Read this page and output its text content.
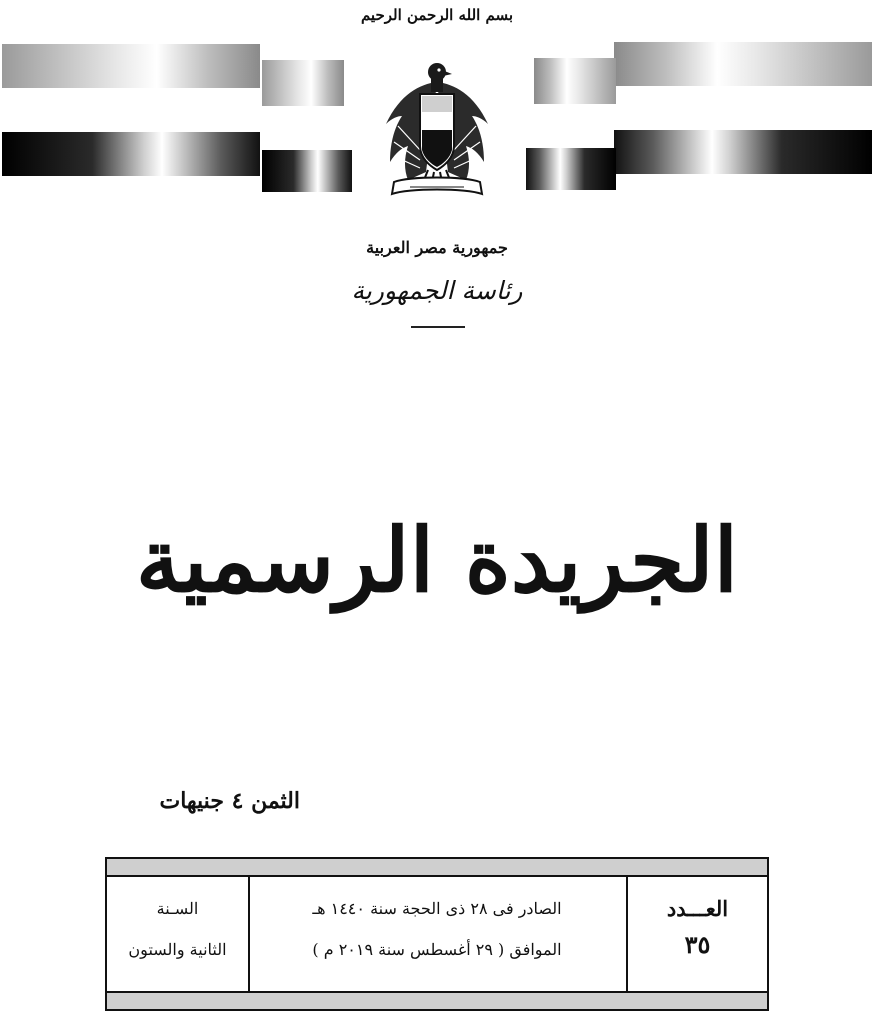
بسم الله الرحمن الرحيم
جمهورية مصر العربية
رئاسة الجمهورية
الجريدة الرسمية
الثمن ٤ جنيهات
السـنة
الثانية والستون
الصادر فى ٢٨ ذى الحجة سنة ١٤٤٠ هـ
الموافق ( ٢٩ أغسطس سنة ٢٠١٩ م )
العـــدد
٣٥
